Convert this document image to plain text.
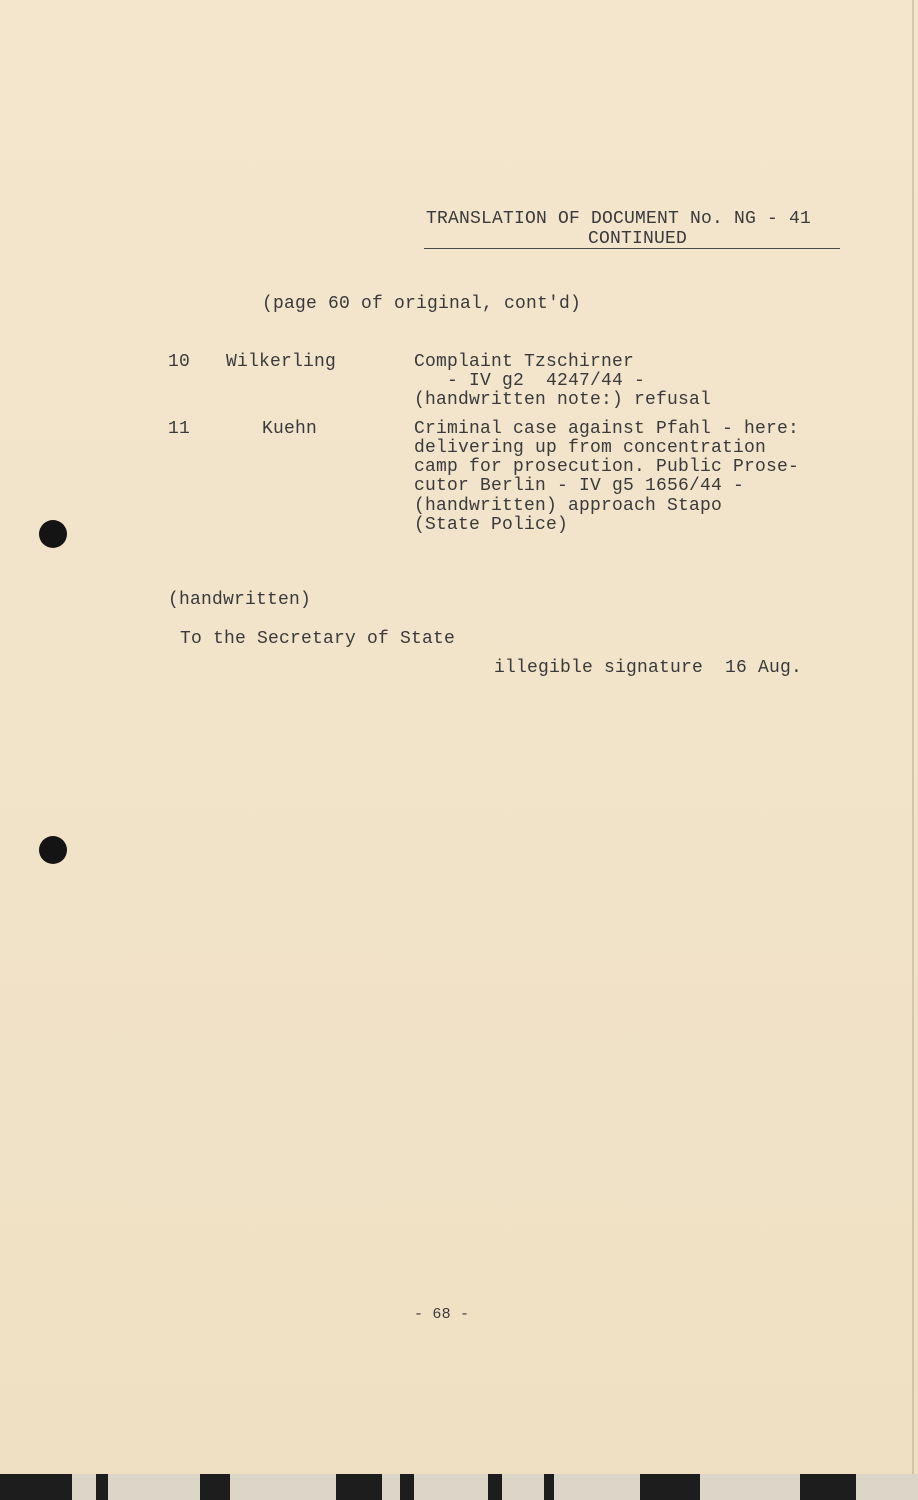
TRANSLATION OF DOCUMENT No. NG - 41
CONTINUED
(page 60 of original, cont'd)
10 Wilkerling	Complaint Tzschirner
- IV g2  4247/44 -
(handwritten note:) refusal
11	Kuehn	Criminal case against Pfahl - here:
delivering up from concentration
camp for prosecution. Public Prose-
cutor Berlin - IV g5 1656/44 -
(handwritten) approach Stapo
(State Police)
(handwritten)
To the Secretary of State
illegible signature  16 Aug.
- 68 -
